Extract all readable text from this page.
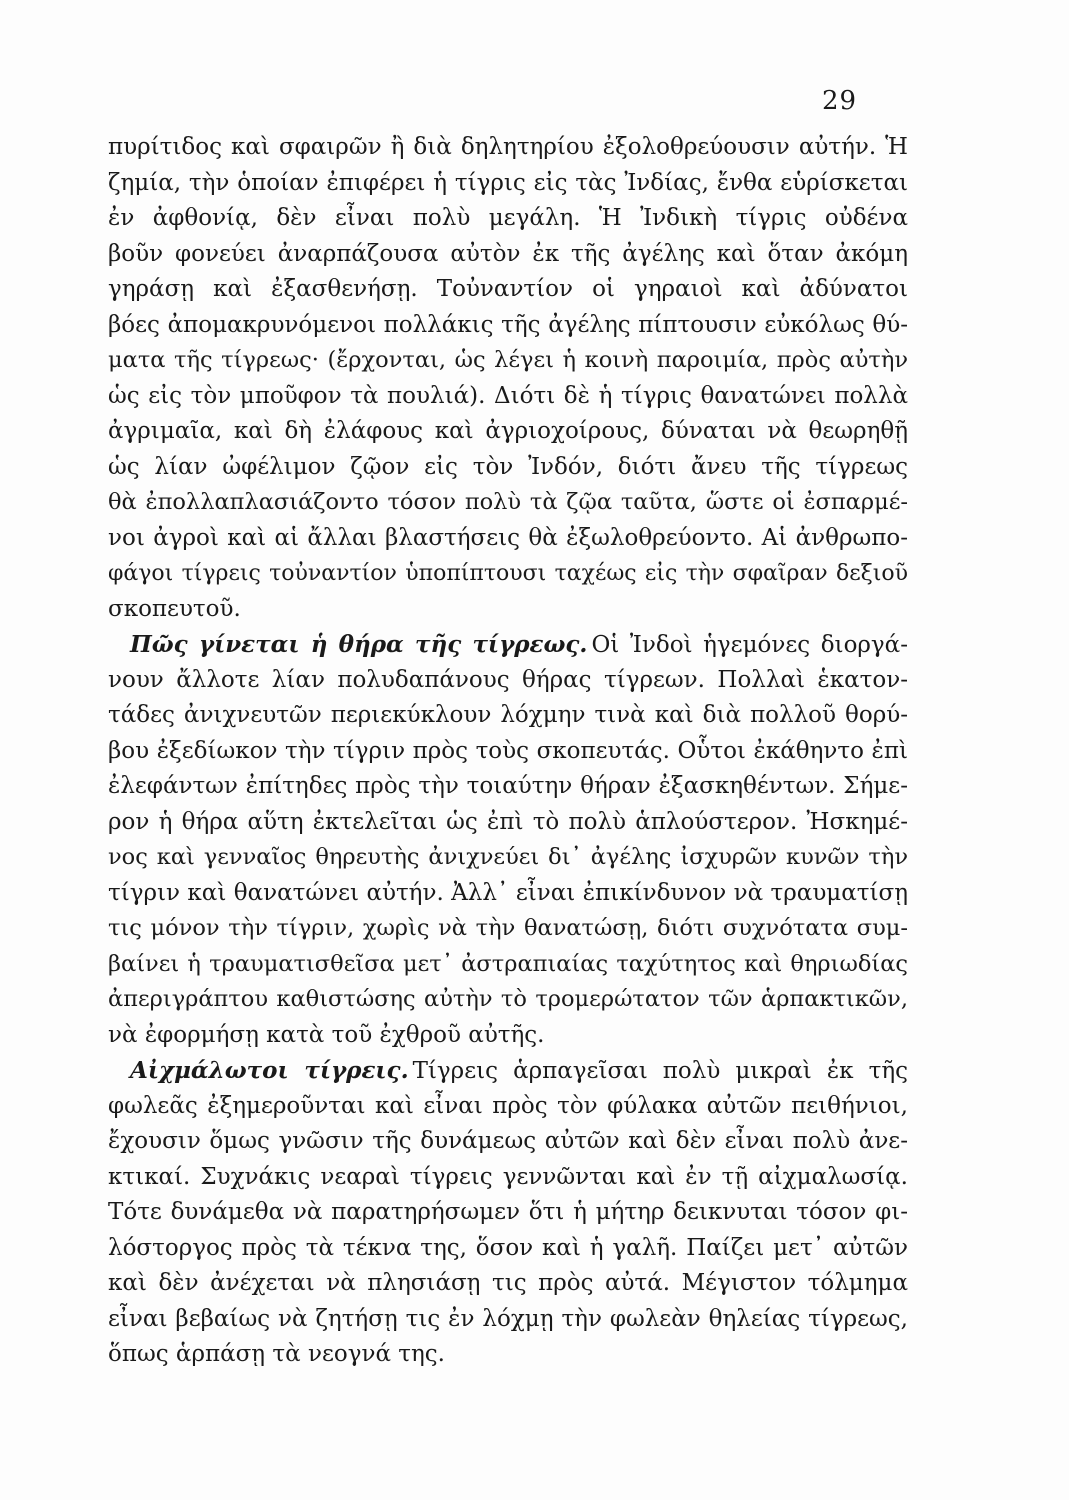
29
πυρίτιδος καὶ σφαιρῶν ἢ διὰ δηλητηρίου ἐξολοθρεύουσιν αὐτήν. Ἡ
ζημία, τὴν ὁποίαν ἐπιφέρει ἡ τίγρις εἰς τὰς Ἰνδίας, ἔνθα εὑρίσκεται
ἐν ἀφθονίᾳ, δὲν εἶναι πολὺ μεγάλη. Ἡ Ἰνδικὴ τίγρις οὐδένα
βοῦν φονεύει ἀναρπάζουσα αὐτὸν ἐκ τῆς ἀγέλης καὶ ὅταν ἀκόμη
γηράσῃ καὶ ἐξασθενήσῃ. Τοὐναντίον οἱ γηραιοὶ καὶ ἀδύνατοι
βόες ἀπομακρυνόμενοι πολλάκις τῆς ἀγέλης πίπτουσιν εὐκόλως θύ-
ματα τῆς τίγρεως· (ἔρχονται, ὡς λέγει ἡ κοινὴ παροιμία, πρὸς αὐτὴν
ὡς εἰς τὸν μποῦφον τὰ πουλιά). Διότι δὲ ἡ τίγρις θανατώνει πολλὰ
ἀγριμαῖα, καὶ δὴ ἐλάφους καὶ ἀγριοχοίρους, δύναται νὰ θεωρηθῇ
ὡς λίαν ὠφέλιμον ζῷον εἰς τὸν Ἰνδόν, διότι ἄνευ τῆς τίγρεως
θὰ ἐπολλαπλασιάζοντο τόσον πολὺ τὰ ζῷα ταῦτα, ὥστε οἱ ἐσπαρμέ-
νοι ἀγροὶ καὶ αἱ ἄλλαι βλαστήσεις θὰ ἐξωλοθρεύοντο. Αἱ ἀνθρωπο-
φάγοι τίγρεις τοὐναντίον ὑποπίπτουσι ταχέως εἰς τὴν σφαῖραν δεξιοῦ
σκοπευτοῦ.
Πῶς γίνεται ἡ θήρα τῆς τίγρεως. Οἱ Ἰνδοὶ ἡγεμόνες διοργά-
νουν ἄλλοτε λίαν πολυδαπάνους θήρας τίγρεων. Πολλαὶ ἑκατον-
τάδες ἀνιχνευτῶν περιεκύκλουν λόχμην τινὰ καὶ διὰ πολλοῦ θορύ-
βου ἐξεδίωκον τὴν τίγριν πρὸς τοὺς σκοπευτάς. Οὗτοι ἐκάθηντο ἐπὶ
ἐλεφάντων ἐπίτηδες πρὸς τὴν τοιαύτην θήραν ἐξασκηθέντων. Σήμε-
ρον ἡ θήρα αὕτη ἐκτελεῖται ὡς ἐπὶ τὸ πολὺ ἁπλούστερον. Ἠσκημέ-
νος καὶ γενναῖος θηρευτὴς ἀνιχνεύει δι᾽ ἀγέλης ἰσχυρῶν κυνῶν τὴν
τίγριν καὶ θανατώνει αὐτήν. Ἀλλ᾽ εἶναι ἐπικίνδυνον νὰ τραυματίσῃ
τις μόνον τὴν τίγριν, χωρὶς νὰ τὴν θανατώσῃ, διότι συχνότατα συμ-
βαίνει ἡ τραυματισθεῖσα μετ᾽ ἀστραπιαίας ταχύτητος καὶ θηριωδίας
ἀπεριγράπτου καθιστώσης αὐτὴν τὸ τρομερώτατον τῶν ἁρπακτικῶν,
νὰ ἐφορμήσῃ κατὰ τοῦ ἐχθροῦ αὐτῆς.
Αἰχμάλωτοι τίγρεις. Τίγρεις ἁρπαγεῖσαι πολὺ μικραὶ ἐκ τῆς
φωλεᾶς ἐξημεροῦνται καὶ εἶναι πρὸς τὸν φύλακα αὐτῶν πειθήνιοι,
ἔχουσιν ὅμως γνῶσιν τῆς δυνάμεως αὐτῶν καὶ δὲν εἶναι πολὺ ἀνε-
κτικαί. Συχνάκις νεαραὶ τίγρεις γεννῶνται καὶ ἐν τῇ αἰχμαλωσίᾳ.
Τότε δυνάμεθα νὰ παρατηρήσωμεν ὅτι ἡ μήτηρ δεικνυται τόσον φι-
λόστοργος πρὸς τὰ τέκνα της, ὅσον καὶ ἡ γαλῆ. Παίζει μετ᾽ αὐτῶν
καὶ δὲν ἀνέχεται νὰ πλησιάσῃ τις πρὸς αὐτά. Μέγιστον τόλμημα
εἶναι βεβαίως νὰ ζητήσῃ τις ἐν λόχμῃ τὴν φωλεὰν θηλείας τίγρεως,
ὅπως ἁρπάσῃ τὰ νεογνά της.
